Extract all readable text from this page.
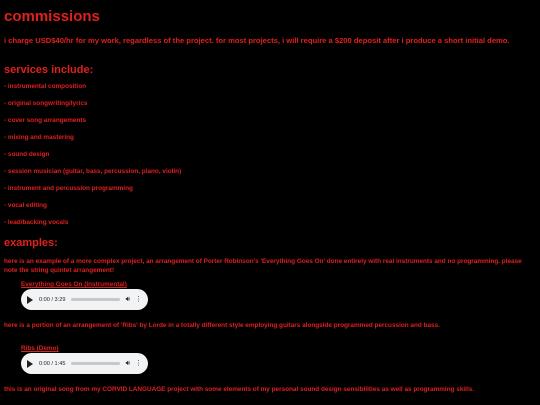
commissions

i charge USD$40/hr for my work, regardless of the project. for most projects, i will require a $200 deposit after i produce a short initial demo.

services include:
- instrumental composition
- original songwriting/lyrics
- cover song arrangements
- mixing and mastering
- sound design
- session musician (guitar, bass, percussion, piano, violin)
- instrument and percussion programming
- vocal editing
- lead/backing vocals
examples:

here is an example of a more complex project, an arrangement of Porter Robinson's 'Everything Goes On' done entirely with real instruments and no programming. please note the string quintet arrangement!

Everything Goes On (Instrumental)
0:00 / 3:29	🔊︎ ⋮

here is a portion of an arrangement of 'Ribs' by Lorde in a totally different style employing guitars alongside programmed percussion and bass.

Ribs (Demo)
0:00 / 1:45	🔊︎ ⋮

this is an original song from my CORVID LANGUAGE project with some elements of my personal sound design sensibilities as well as programming skills.
